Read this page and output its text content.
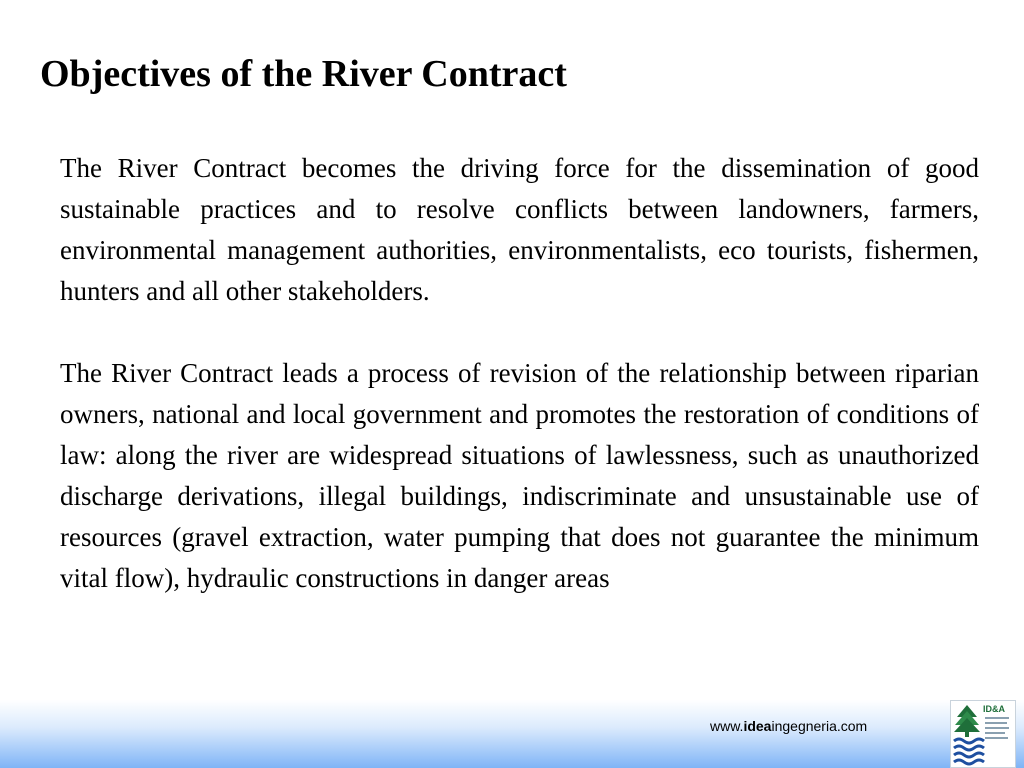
Objectives of the River Contract

The River Contract becomes the driving force for the dissemination of good sustainable practices and to resolve conflicts between landowners, farmers, environmental management authorities, environmentalists, eco tourists, fishermen, hunters and all other stakeholders.

The River Contract leads a process of revision of the relationship between riparian owners, national and local government and promotes the restoration of conditions of law: along the river are widespread situations of lawlessness, such as unauthorized discharge derivations, illegal buildings, indiscriminate and unsustainable use of resources (gravel extraction, water pumping that does not guarantee the minimum vital flow), hydraulic constructions in danger areas

www.ideaingegneria.com
ID&A
